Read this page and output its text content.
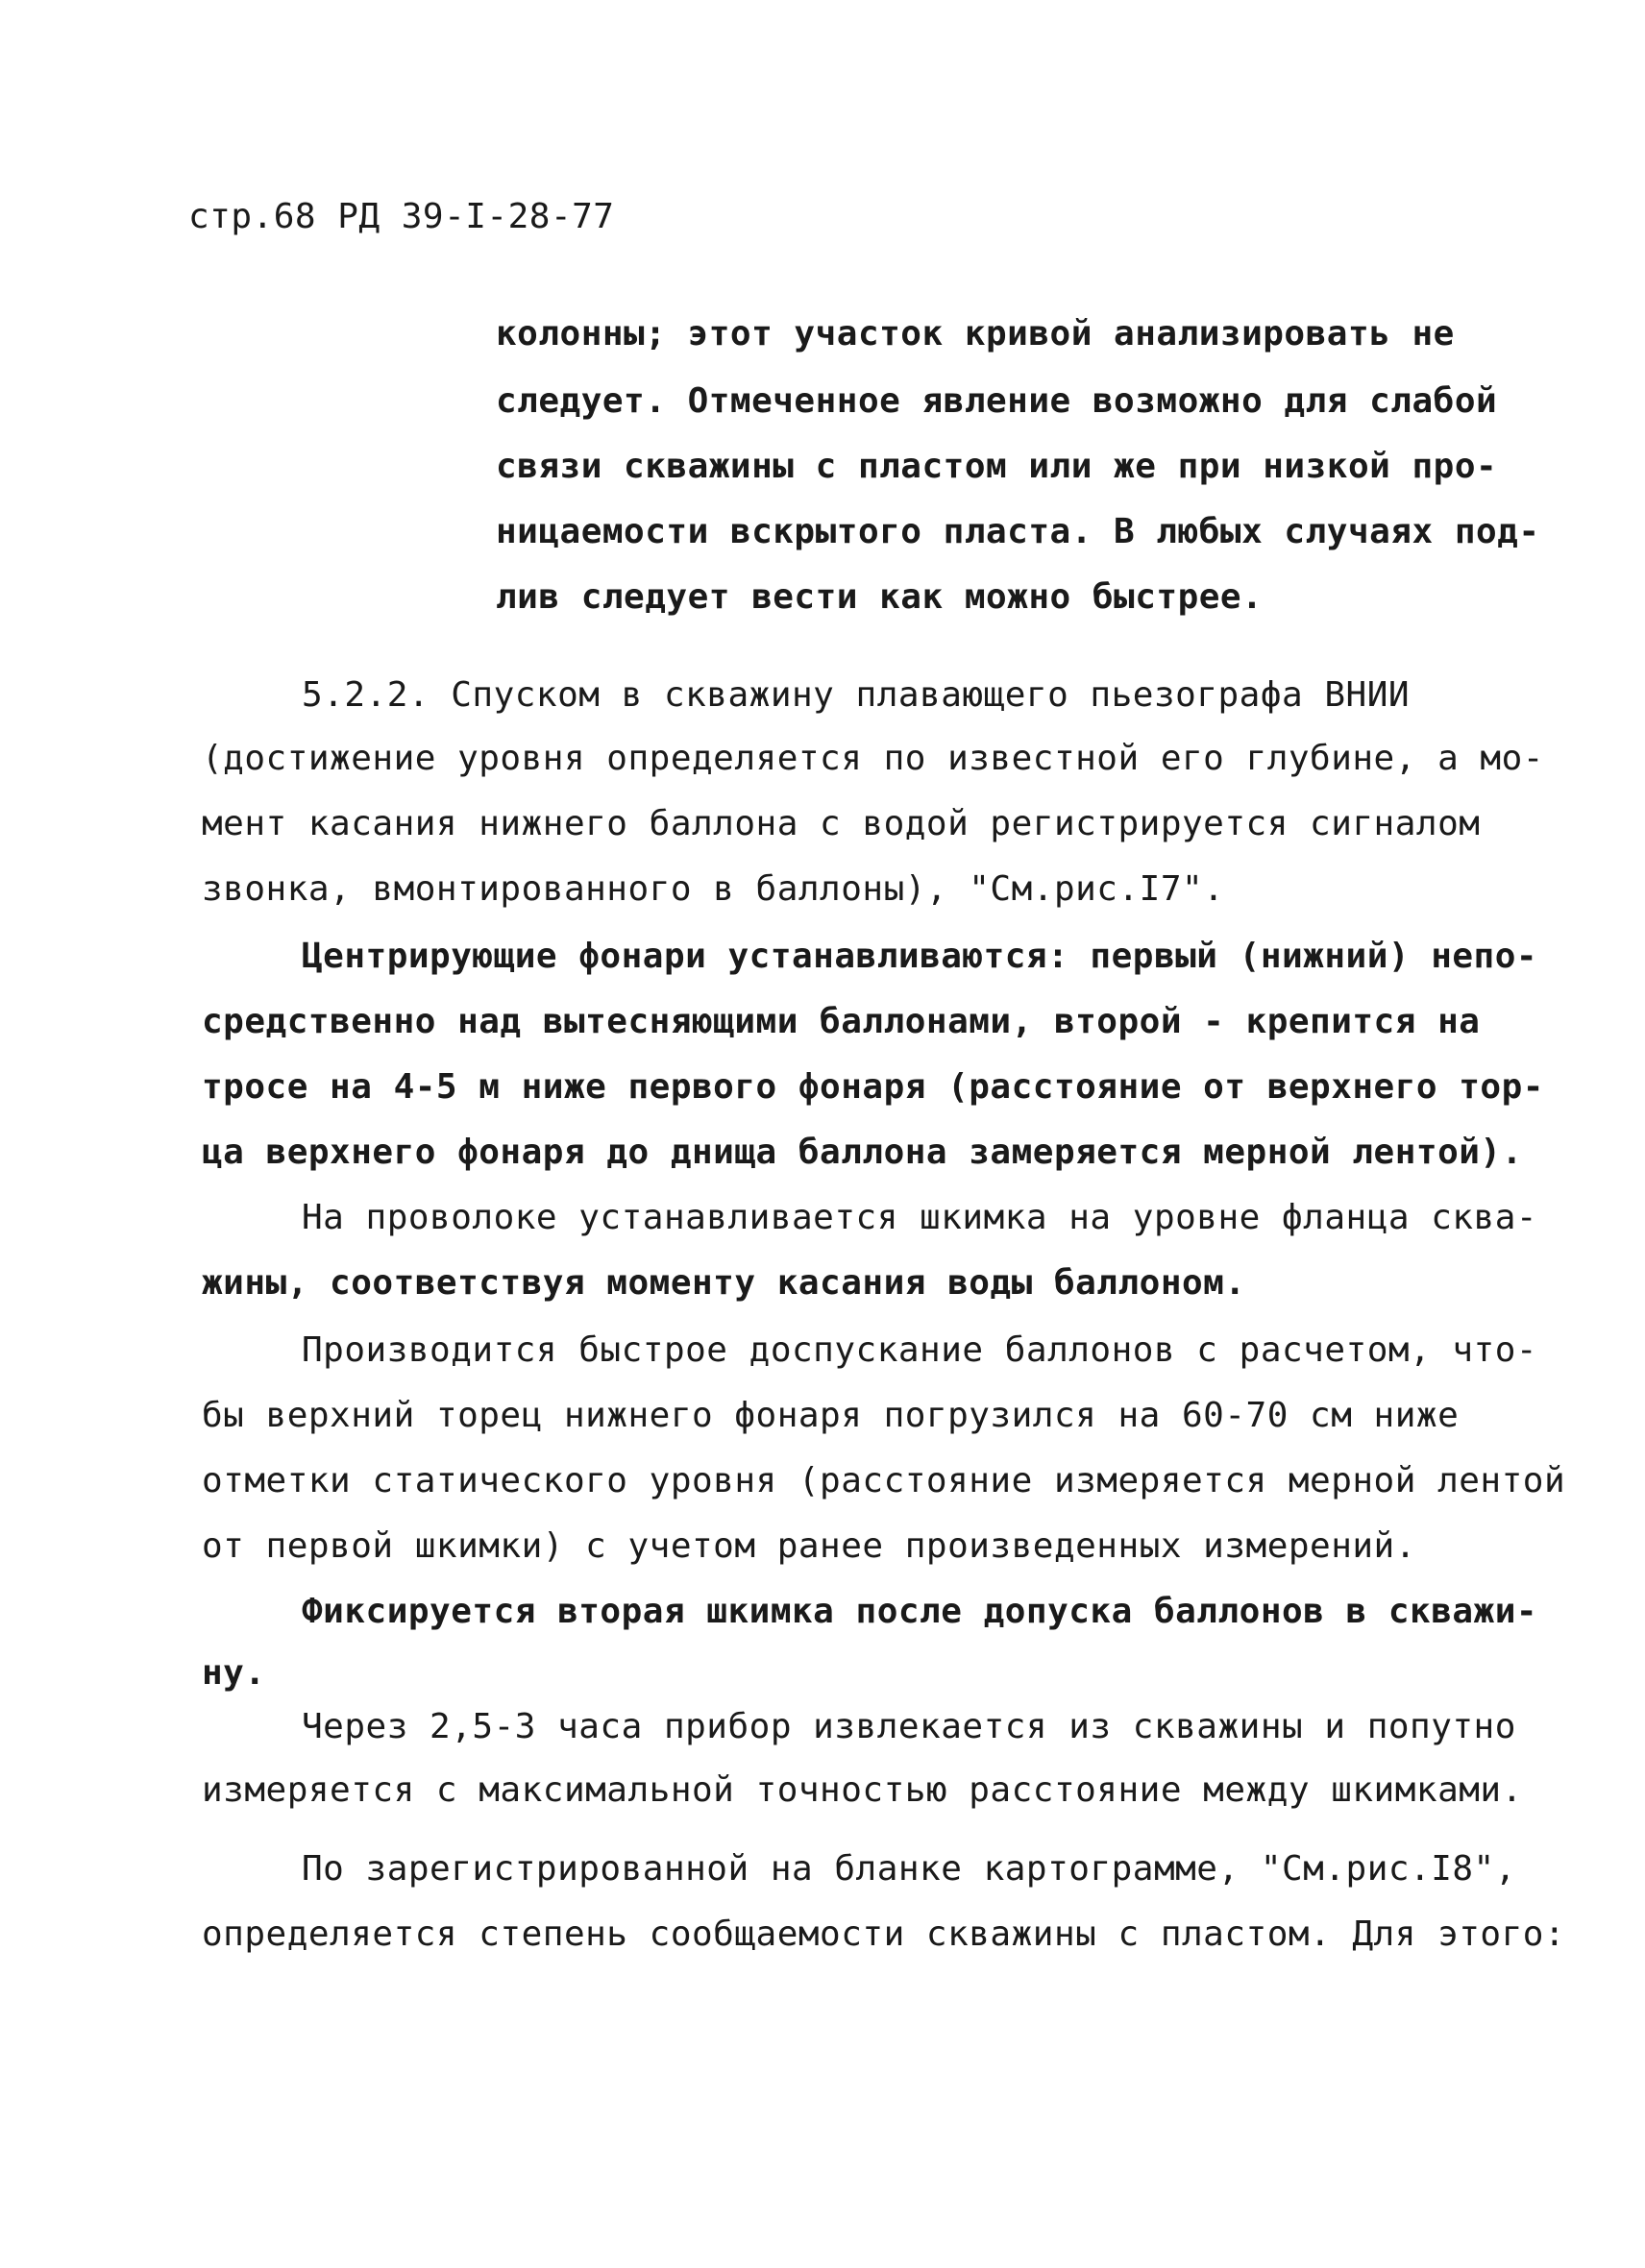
стр.68 РД 39-I-28-77
колонны; этот участок кривой анализировать не
следует. Отмеченное явление возможно для слабой
связи скважины с пластом или же при низкой про-
ницаемости вскрытого пласта. В любых случаях под-
лив следует вести как можно быстрее.
5.2.2. Спуском в скважину плавающего пьезографа ВНИИ
(достижение уровня определяется по известной его глубине, а мо-
мент касания нижнего баллона с водой регистрируется сигналом
звонка, вмонтированного в баллоны), "См.рис.I7".
Центрирующие фонари устанавливаются: первый (нижний) непо-
средственно над вытесняющими баллонами, второй - крепится на
тросе на 4-5 м ниже первого фонаря (расстояние от верхнего тор-
ца верхнего фонаря до днища баллона замеряется мерной лентой).
На проволоке устанавливается шкимка на уровне фланца сква-
жины, соответствуя моменту касания воды баллоном.
Производится быстрое доспускание баллонов с расчетом, что-
бы верхний торец нижнего фонаря погрузился на 60-70 см ниже
отметки статического уровня (расстояние измеряется мерной лентой
от первой шкимки) с учетом ранее произведенных измерений.
Фиксируется вторая шкимка после допуска баллонов в скважи-
ну.
Через 2,5-3 часа прибор извлекается из скважины и попутно
измеряется с максимальной точностью расстояние между шкимками.
По зарегистрированной на бланке картограмме, "См.рис.I8",
определяется степень сообщаемости скважины с пластом. Для этого:
